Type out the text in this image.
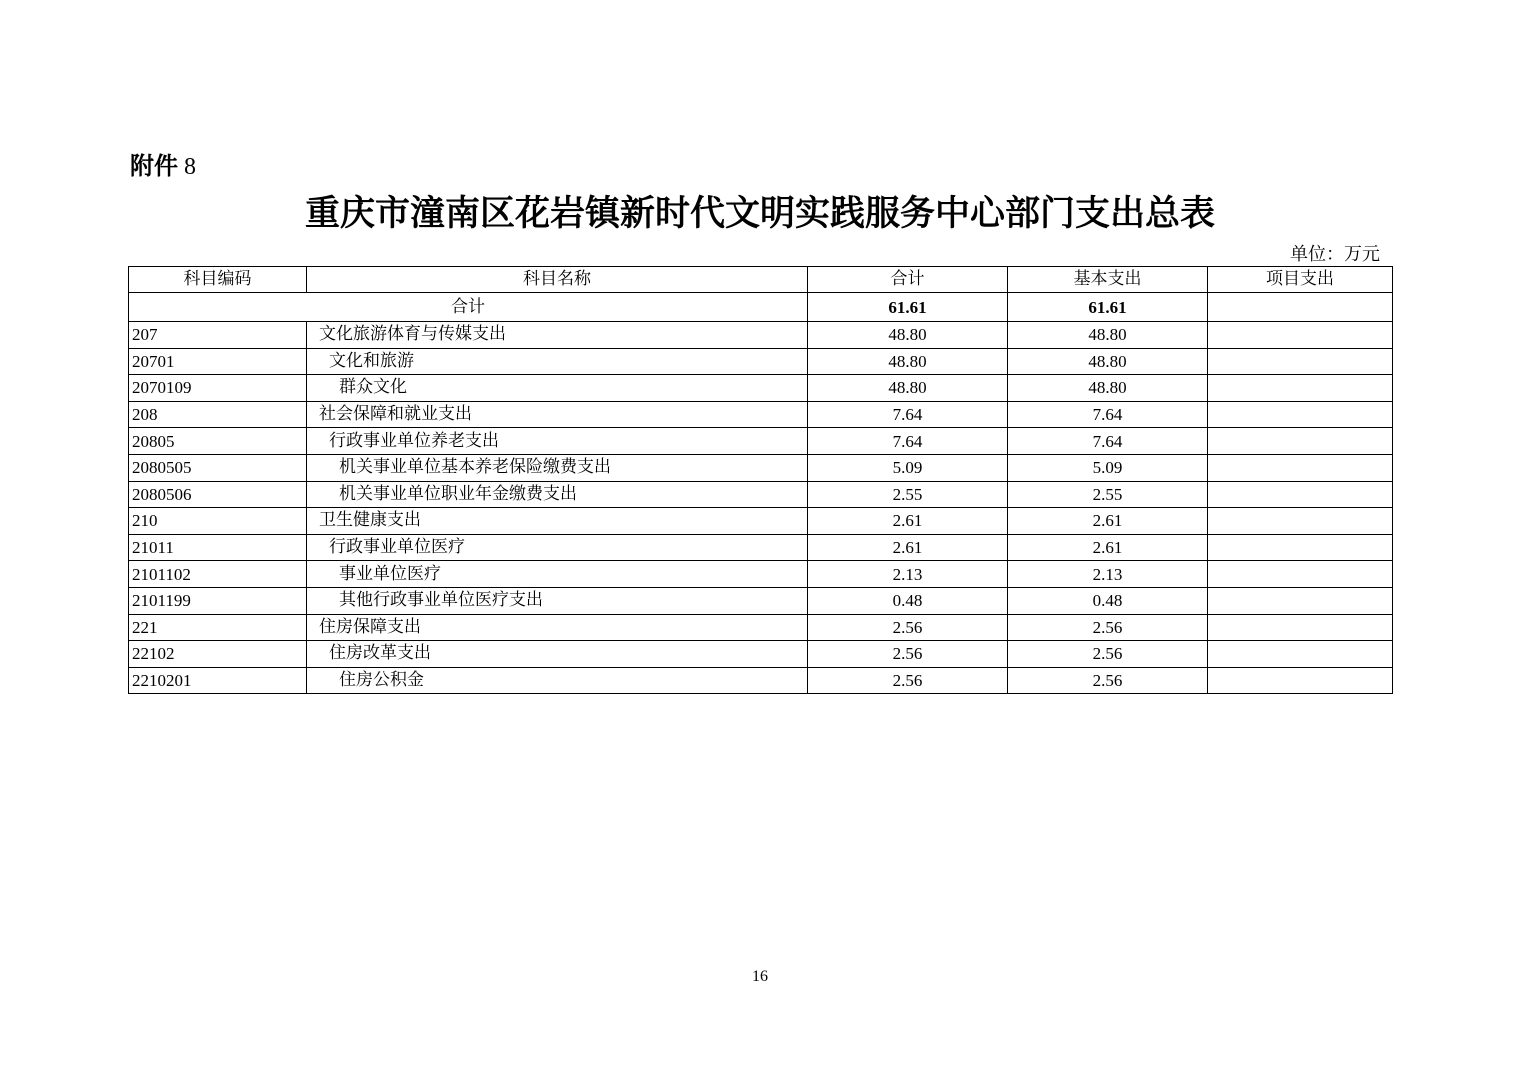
附件 8
重庆市潼南区花岩镇新时代文明实践服务中心部门支出总表
单位：万元
科目编码	科目名称	合计	基本支出	项目支出
合计		61.61	61.61	
207	文化旅游体育与传媒支出	48.80	48.80	
20701	文化和旅游	48.80	48.80	
2070109	群众文化	48.80	48.80	
208	社会保障和就业支出	7.64	7.64	
20805	行政事业单位养老支出	7.64	7.64	
2080505	机关事业单位基本养老保险缴费支出	5.09	5.09	
2080506	机关事业单位职业年金缴费支出	2.55	2.55	
210	卫生健康支出	2.61	2.61	
21011	行政事业单位医疗	2.61	2.61	
2101102	事业单位医疗	2.13	2.13	
2101199	其他行政事业单位医疗支出	0.48	0.48	
221	住房保障支出	2.56	2.56	
22102	住房改革支出	2.56	2.56	
2210201	住房公积金	2.56	2.56	
16
